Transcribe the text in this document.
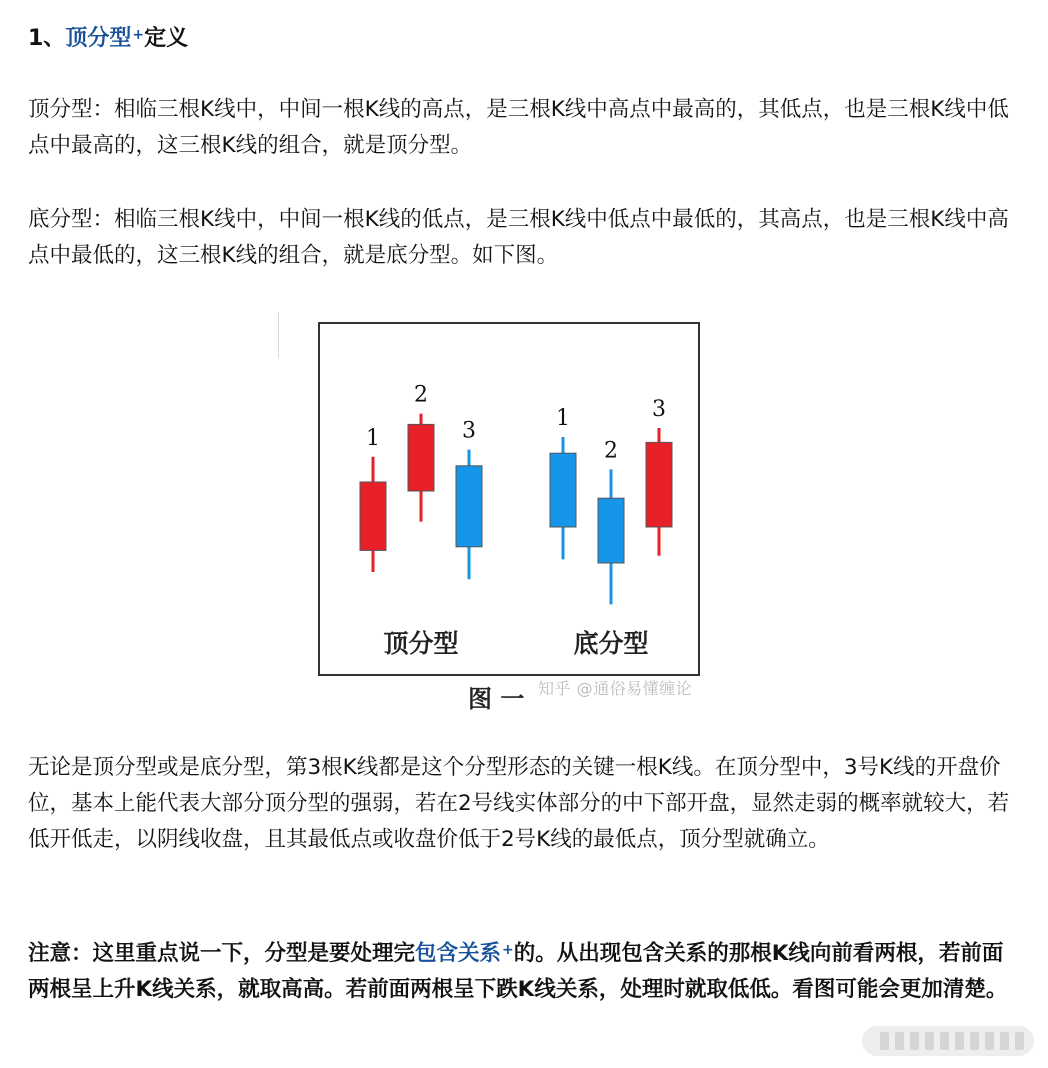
1、顶分型+定义

顶分型：相临三根K线中，中间一根K线的高点，是三根K线中高点中最高的，其低点，也是三根K线中低点中最高的，这三根K线的组合，就是顶分型。

底分型：相临三根K线中，中间一根K线的低点，是三根K线中低点中最低的，其高点，也是三根K线中高点中最低的，这三根K线的组合，就是底分型。如下图。

1
2
3
顶分型
1
2
3
底分型
图 一 知乎 @通俗易懂缠论

无论是顶分型或是底分型，第3根K线都是这个分型形态的关键一根K线。在顶分型中，3号K线的开盘价位，基本上能代表大部分顶分型的强弱，若在2号线实体部分的中下部开盘，显然走弱的概率就较大，若低开低走，以阴线收盘，且其最低点或收盘价低于2号K线的最低点，顶分型就确立。

注意：这里重点说一下，分型是要处理完包含关系+的。从出现包含关系的那根K线向前看两根，若前面两根呈上升K线关系，就取高高。若前面两根呈下跌K线关系，处理时就取低低。看图可能会更加清楚。
